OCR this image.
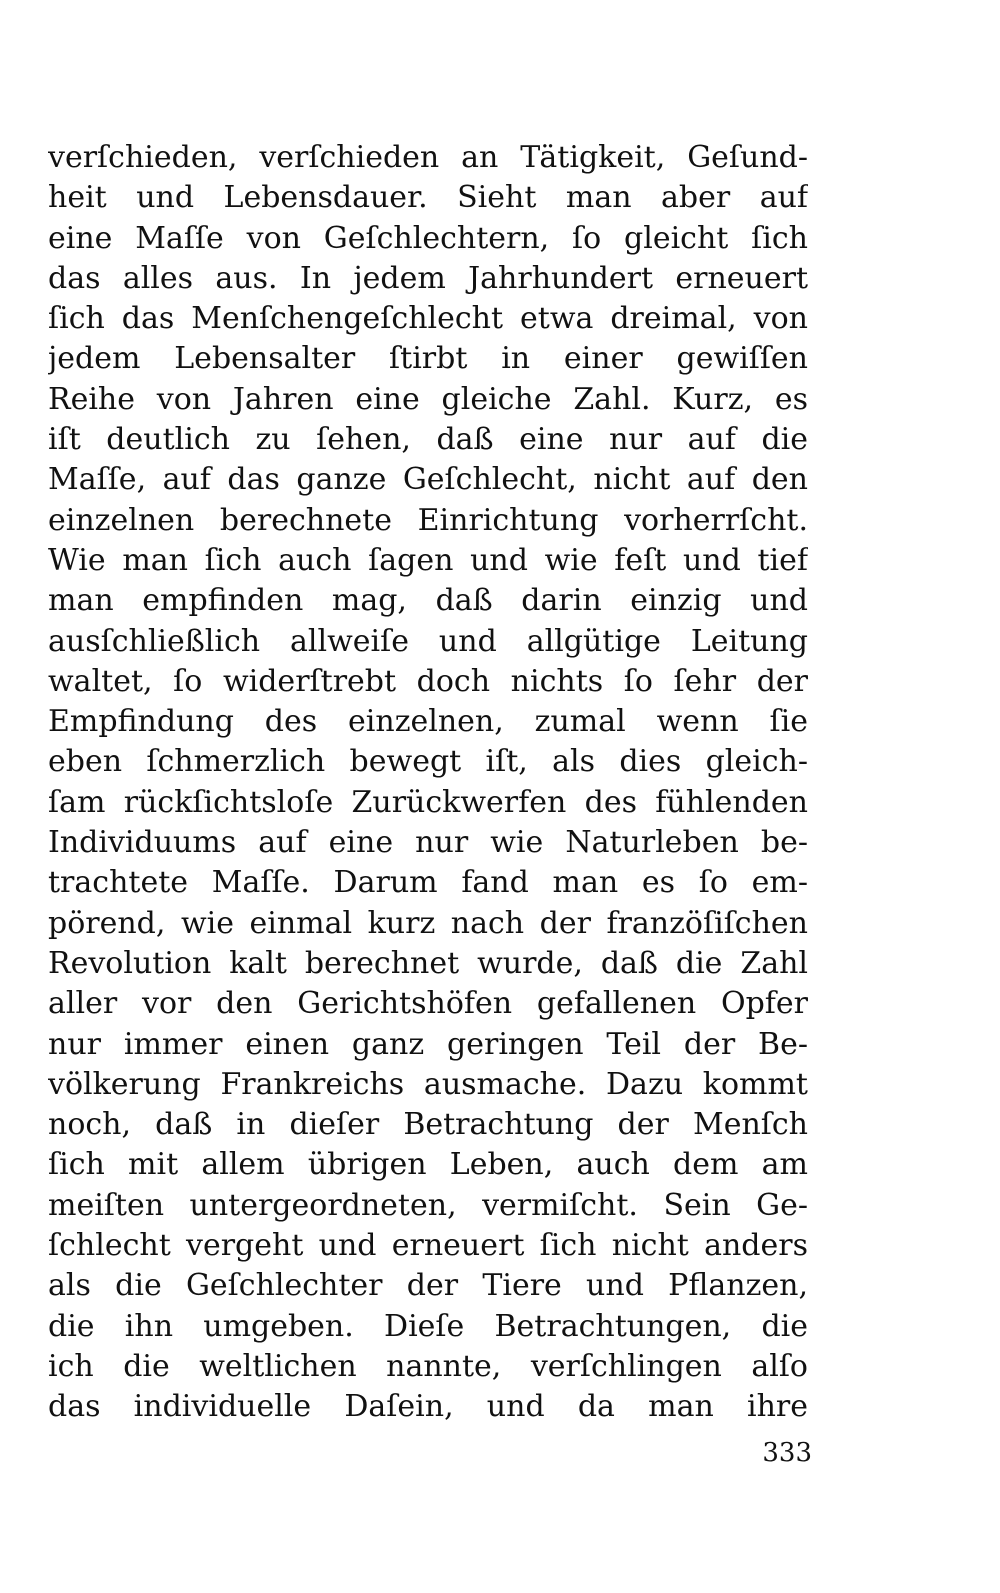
verſchieden, verſchieden an Tätigkeit, Geſund-
heit und Lebensdauer. Sieht man aber auf
eine Maſſe von Geſchlechtern, ſo gleicht ſich
das alles aus. In jedem Jahrhundert erneuert
ſich das Menſchengeſchlecht etwa dreimal, von
jedem Lebensalter ſtirbt in einer gewiſſen
Reihe von Jahren eine gleiche Zahl. Kurz, es
iſt deutlich zu ſehen, daß eine nur auf die
Maſſe, auf das ganze Geſchlecht, nicht auf den
einzelnen berechnete Einrichtung vorherrſcht.
Wie man ſich auch ſagen und wie feſt und tief
man empfinden mag, daß darin einzig und
ausſchließlich allweiſe und allgütige Leitung
waltet, ſo widerſtrebt doch nichts ſo ſehr der
Empfindung des einzelnen, zumal wenn ſie
eben ſchmerzlich bewegt iſt, als dies gleich-
ſam rückſichtsloſe Zurückwerfen des fühlenden
Individuums auf eine nur wie Naturleben be-
trachtete Maſſe. Darum fand man es ſo em-
pörend, wie einmal kurz nach der franzöſiſchen
Revolution kalt berechnet wurde, daß die Zahl
aller vor den Gerichtshöfen gefallenen Opfer
nur immer einen ganz geringen Teil der Be-
völkerung Frankreichs ausmache. Dazu kommt
noch, daß in dieſer Betrachtung der Menſch
ſich mit allem übrigen Leben, auch dem am
meiſten untergeordneten, vermiſcht. Sein Ge-
ſchlecht vergeht und erneuert ſich nicht anders
als die Geſchlechter der Tiere und Pflanzen,
die ihn umgeben. Dieſe Betrachtungen, die
ich die weltlichen nannte, verſchlingen alſo
das individuelle Daſein, und da man ihre
333
